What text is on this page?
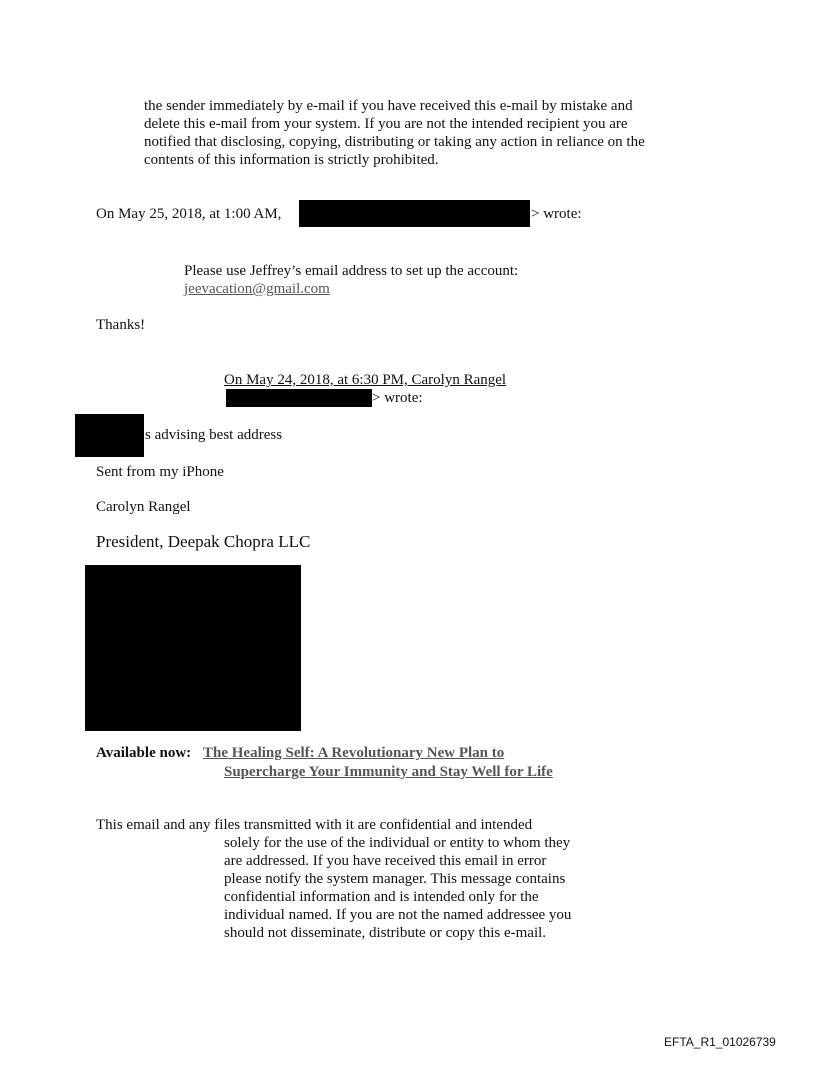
the sender immediately by e-mail if you have received this e-mail by mistake and

delete this e-mail from your system. If you are not the intended recipient you are

notified that disclosing, copying, distributing or taking any action in reliance on the

contents of this information is strictly prohibited.

On May 25, 2018, at 1:00 AM,	> wrote:

Please use Jeffrey’s email address to set up the account:

jeevacation@gmail.com

Thanks!

On May 24, 2018, at 6:30 PM, Carolyn Rangel

> wrote:

s advising best address

Sent from my iPhone

Carolyn Rangel

President, Deepak Chopra LLC

Available now: The Healing Self: A Revolutionary New Plan to
Supercharge Your Immunity and Stay Well for Life

This email and any files transmitted with it are confidential and intended

solely for the use of the individual or entity to whom they

are addressed. If you have received this email in error

please notify the system manager. This message contains

confidential information and is intended only for the

individual named. If you are not the named addressee you

should not disseminate, distribute or copy this e-mail.

EFTA_R1_01026739
